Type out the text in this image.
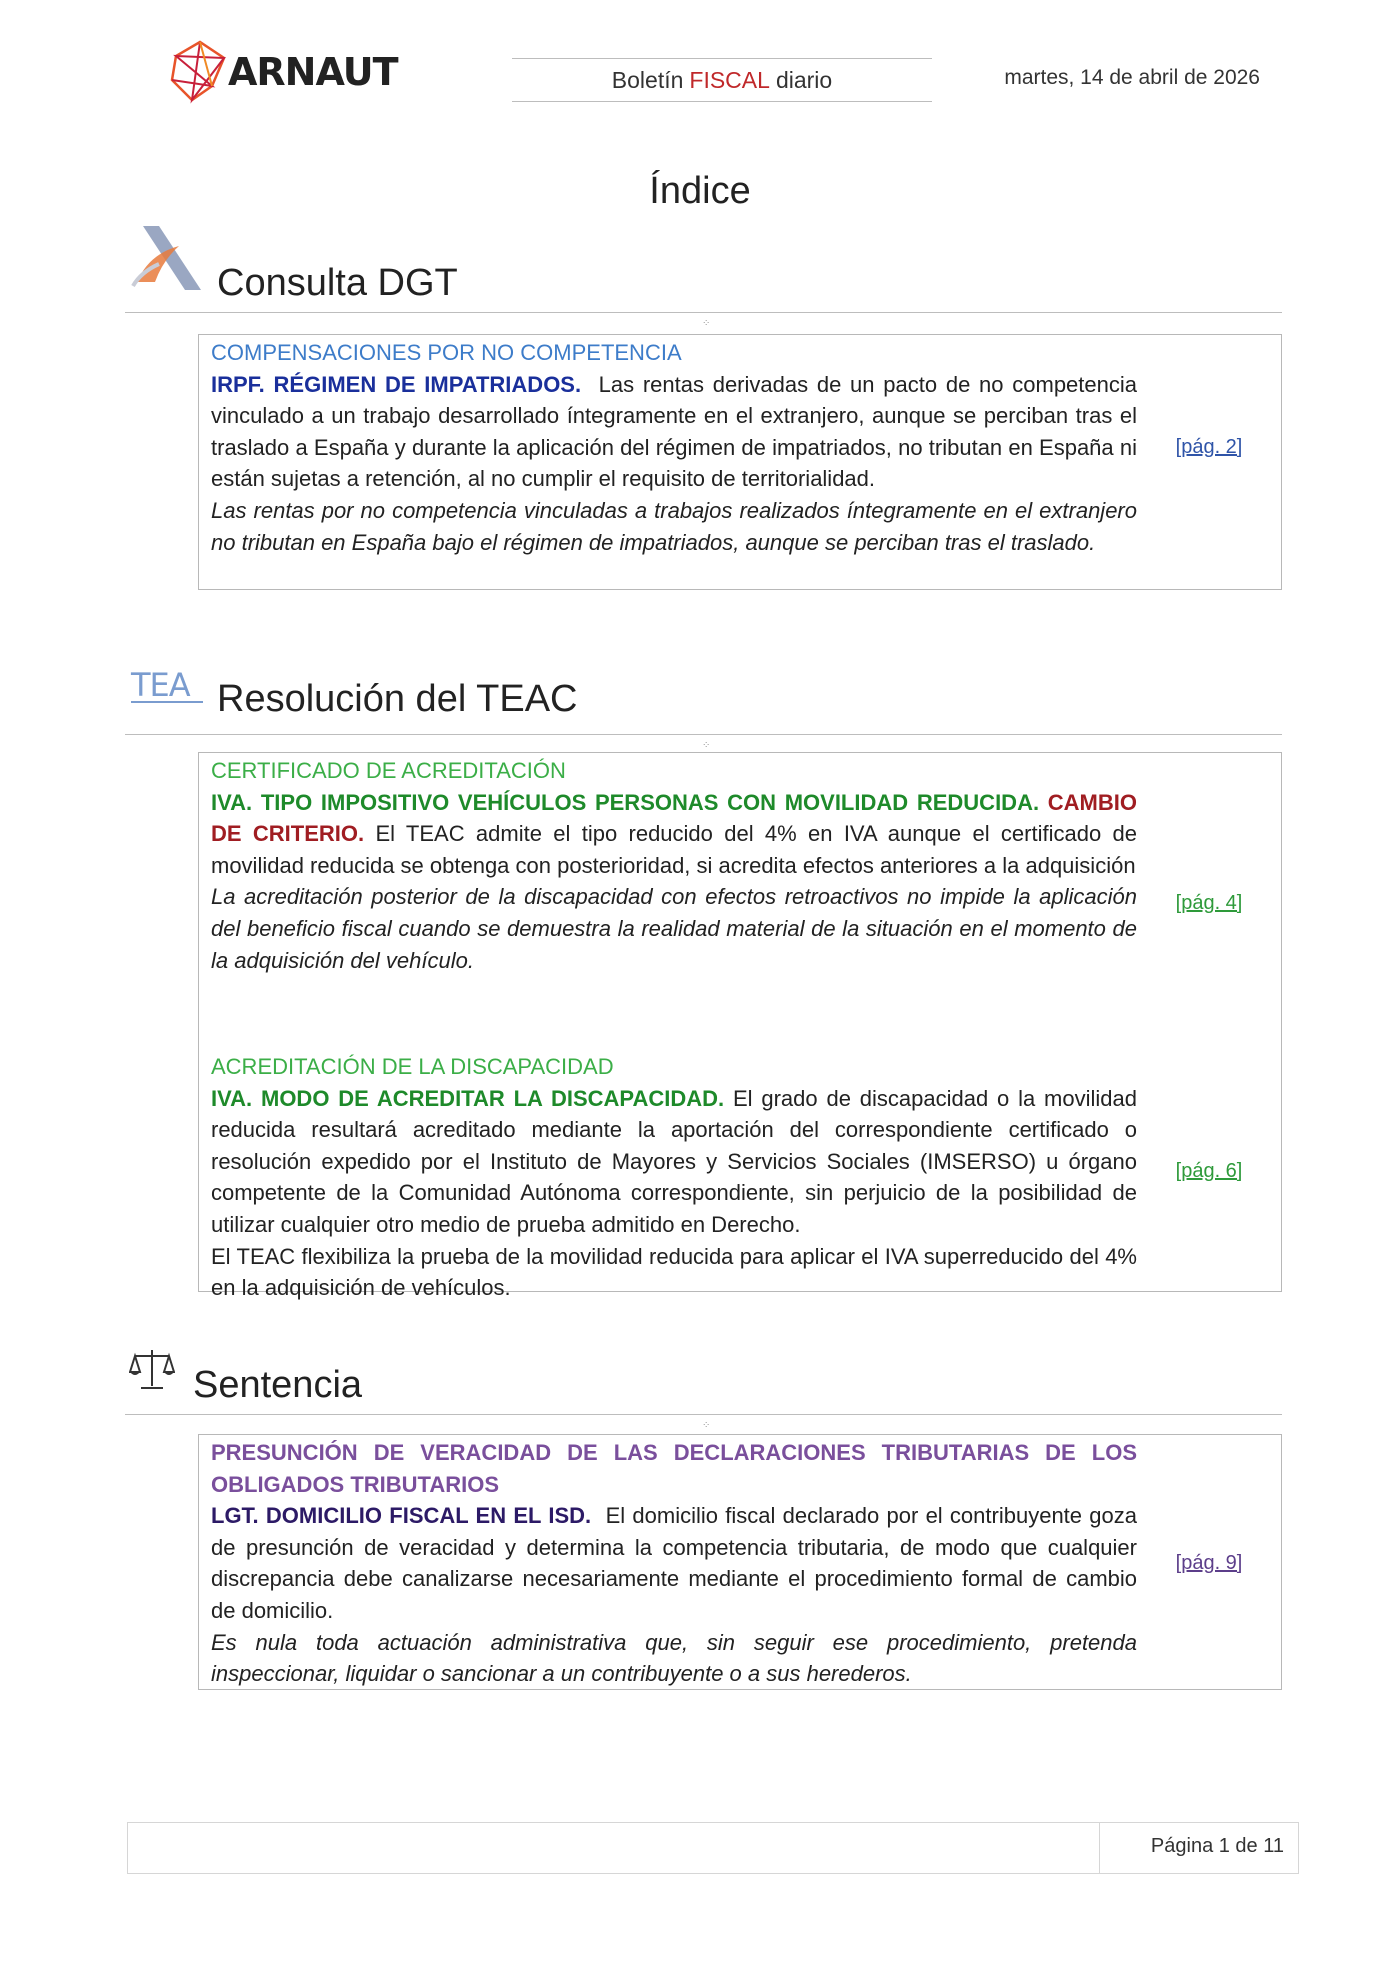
ARNAUT	Boletín FISCAL diario	martes, 14 de abril de 2026
Índice
Consulta DGT
⁘
COMPENSACIONES POR NO COMPETENCIA
IRPF. RÉGIMEN DE IMPATRIADOS. Las rentas derivadas de un pacto de no competencia vinculado a un trabajo desarrollado íntegramente en el extranjero, aunque se perciban tras el traslado a España y durante la aplicación del régimen de impatriados, no tributan en España ni están sujetas a retención, al no cumplir el requisito de territorialidad.
Las rentas por no competencia vinculadas a trabajos realizados íntegramente en el extranjero no tributan en España bajo el régimen de impatriados, aunque se perciban tras el traslado.
[pág. 2]
TEA Resolución del TEAC
⁘
CERTIFICADO DE ACREDITACIÓN
IVA. TIPO IMPOSITIVO VEHÍCULOS PERSONAS CON MOVILIDAD REDUCIDA. CAMBIO DE CRITERIO. El TEAC admite el tipo reducido del 4% en IVA aunque el certificado de movilidad reducida se obtenga con posterioridad, si acredita efectos anteriores a la adquisición
La acreditación posterior de la discapacidad con efectos retroactivos no impide la aplicación del beneficio fiscal cuando se demuestra la realidad material de la situación en el momento de la adquisición del vehículo.
[pág. 4]
ACREDITACIÓN DE LA DISCAPACIDAD
IVA. MODO DE ACREDITAR LA DISCAPACIDAD. El grado de discapacidad o la movilidad reducida resultará acreditado mediante la aportación del correspondiente certificado o resolución expedido por el Instituto de Mayores y Servicios Sociales (IMSERSO) u órgano competente de la Comunidad Autónoma correspondiente, sin perjuicio de la posibilidad de utilizar cualquier otro medio de prueba admitido en Derecho.
El TEAC flexibiliza la prueba de la movilidad reducida para aplicar el IVA superreducido del 4% en la adquisición de vehículos.
[pág. 6]
Sentencia
⁘
PRESUNCIÓN DE VERACIDAD DE LAS DECLARACIONES TRIBUTARIAS DE LOS OBLIGADOS TRIBUTARIOS
LGT. DOMICILIO FISCAL EN EL ISD. El domicilio fiscal declarado por el contribuyente goza de presunción de veracidad y determina la competencia tributaria, de modo que cualquier discrepancia debe canalizarse necesariamente mediante el procedimiento formal de cambio de domicilio.
Es nula toda actuación administrativa que, sin seguir ese procedimiento, pretenda inspeccionar, liquidar o sancionar a un contribuyente o a sus herederos.
[pág. 9]
Página 1 de 11
